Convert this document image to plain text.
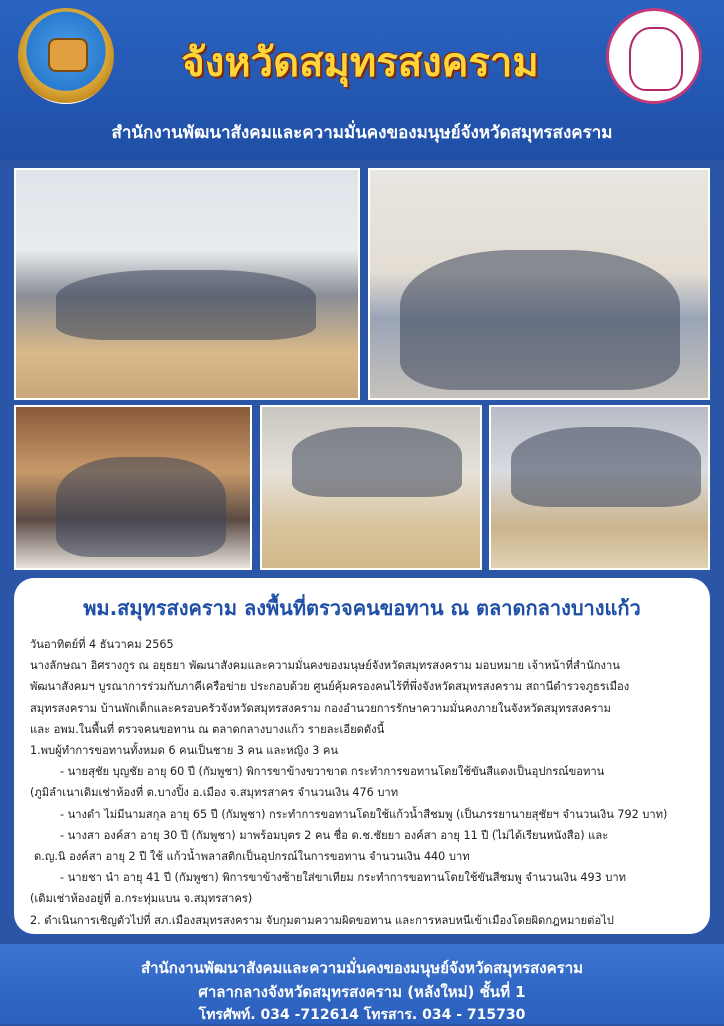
จังหวัดสมุทรสงคราม
สำนักงานพัฒนาสังคมและความมั่นคงของมนุษย์จังหวัดสมุทรสงคราม
พม.สมุทรสงคราม ลงพื้นที่ตรวจคนขอทาน ณ ตลาดกลางบางแก้ว
วันอาทิตย์ที่ 4 ธันวาคม 2565
นางลักษณา อิศรางกูร ณ อยุธยา พัฒนาสังคมและความมั่นคงของมนุษย์จังหวัดสมุทรสงคราม มอบหมาย เจ้าหน้าที่สำนักงาน
พัฒนาสังคมฯ บูรณาการร่วมกับภาคีเครือข่าย ประกอบด้วย ศูนย์คุ้มครองคนไร้ที่พึ่งจังหวัดสมุทรสงคราม สถานีตำรวจภูธรเมือง
สมุทรสงคราม บ้านพักเด็กและครอบครัวจังหวัดสมุทรสงคราม กองอำนวยการรักษาความมั่นคงภายในจังหวัดสมุทรสงคราม
และ อพม.ในพื้นที่ ตรวจคนขอทาน ณ ตลาดกลางบางแก้ว รายละเอียดดังนี้
1.พบผู้ทำการขอทานทั้งหมด 6 คนเป็นชาย 3 คน และหญิง 3 คน
- นายสุชัย บุญชัย อายุ 60 ปี (กัมพูชา) พิการขาข้างขวาขาด กระทำการขอทานโดยใช้ขันสีแดงเป็นอุปกรณ์ขอทาน
(ภูมิลำเนาเดิมเช่าห้องที่ ต.บางปิ้ง อ.เมือง จ.สมุทรสาคร จำนวนเงิน 476 บาท
- นางดำ ไม่มีนามสกุล อายุ 65 ปี (กัมพูชา) กระทำการขอทานโดยใช้แก้วน้ำสีชมพู (เป็นภรรยานายสุชัยฯ จำนวนเงิน 792 บาท)
- นางสา องค์สา อายุ 30 ปี (กัมพูชา) มาพร้อมบุตร 2 คน ชื่อ ด.ช.ชัยยา องค์สา อายุ 11 ปี (ไม่ได้เรียนหนังสือ) และ
ด.ญ.นิ องค์สา อายุ 2 ปี ใช้ แก้วน้ำพลาสติกเป็นอุปกรณ์ในการขอทาน จำนวนเงิน 440 บาท
- นายชา นำ อายุ 41 ปี (กัมพูชา) พิการขาข้างซ้ายใส่ขาเทียม กระทำการขอทานโดยใช้ขันสีชมพู จำนวนเงิน 493 บาท
(เดิมเช่าห้องอยู่ที่ อ.กระทุ่มแบน จ.สมุทรสาคร)
2. ดำเนินการเชิญตัวไปที่ สภ.เมืองสมุทรสงคราม จับกุมตามความผิดขอทาน และการหลบหนีเข้าเมืองโดยผิดกฎหมายต่อไป
สำนักงานพัฒนาสังคมและความมั่นคงของมนุษย์จังหวัดสมุทรสงคราม
ศาลากลางจังหวัดสมุทรสงคราม (หลังใหม่) ชั้นที่ 1
โทรศัพท์. 034 -712614 โทรสาร. 034 - 715730
